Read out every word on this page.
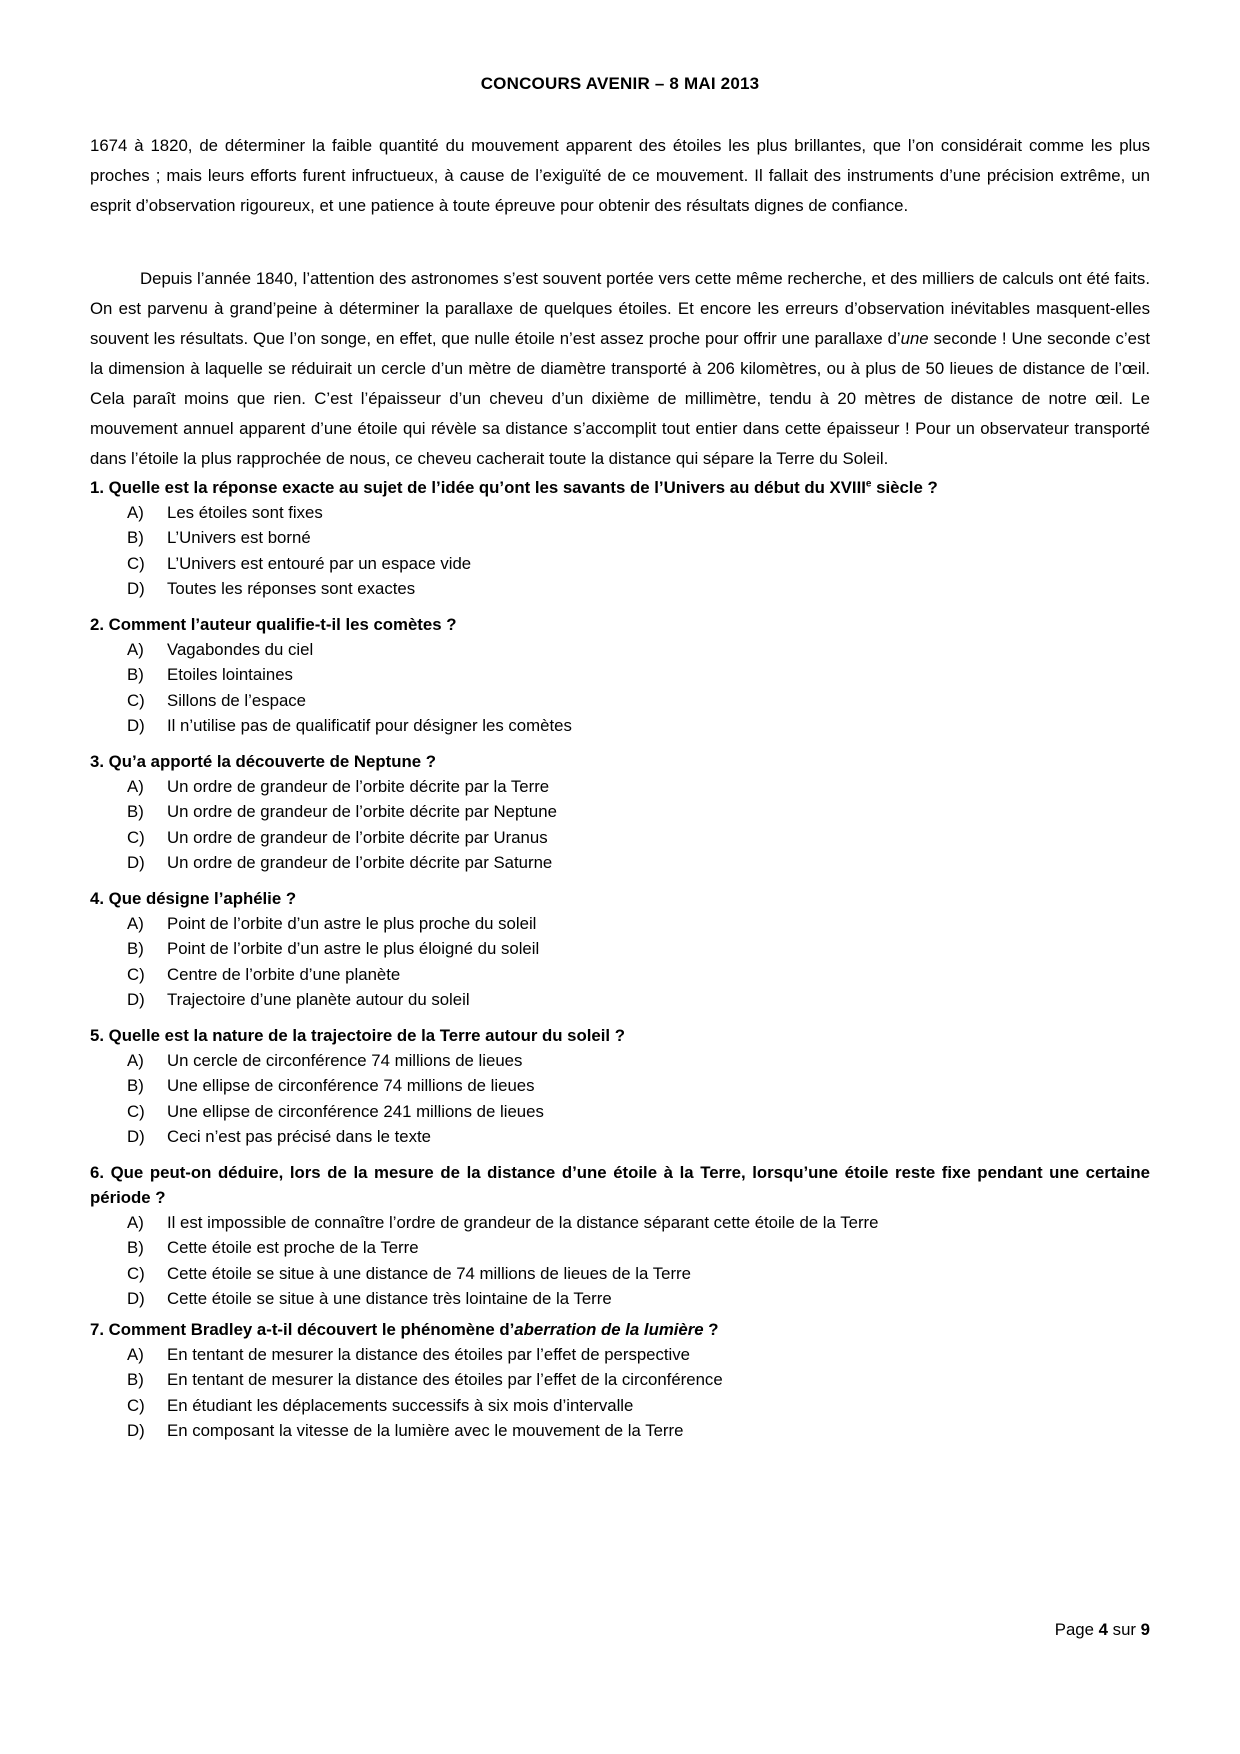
CONCOURS AVENIR – 8 MAI 2013

1674 à 1820, de déterminer la faible quantité du mouvement apparent des étoiles les plus brillantes, que l’on considérait comme les plus proches ; mais leurs efforts furent infructueux, à cause de l’exiguïté de ce mouvement. Il fallait des instruments d’une précision extrême, un esprit d’observation rigoureux, et une patience à toute épreuve pour obtenir des résultats dignes de confiance.

Depuis l’année 1840, l’attention des astronomes s’est souvent portée vers cette même recherche, et des milliers de calculs ont été faits. On est parvenu à grand’peine à déterminer la parallaxe de quelques étoiles. Et encore les erreurs d’observation inévitables masquent-elles souvent les résultats. Que l’on songe, en effet, que nulle étoile n’est assez proche pour offrir une parallaxe d’une seconde ! Une seconde c’est la dimension à laquelle se réduirait un cercle d’un mètre de diamètre transporté à 206 kilomètres, ou à plus de 50 lieues de distance de l’œil. Cela paraît moins que rien. C’est l’épaisseur d’un cheveu d’un dixième de millimètre, tendu à 20 mètres de distance de notre œil. Le mouvement annuel apparent d’une étoile qui révèle sa distance s’accomplit tout entier dans cette épaisseur ! Pour un observateur transporté dans l’étoile la plus rapprochée de nous, ce cheveu cacherait toute la distance qui sépare la Terre du Soleil.

1. Quelle est la réponse exacte au sujet de l’idée qu’ont les savants de l’Univers au début du XVIIIe siècle ?

A)	Les étoiles sont fixes
B)	L’Univers est borné
C)	L’Univers est entouré par un espace vide
D)	Toutes les réponses sont exactes

2. Comment l’auteur qualifie-t-il les comètes ?

A)	Vagabondes du ciel
B)	Etoiles lointaines
C)	Sillons de l’espace
D)	Il n’utilise pas de qualificatif pour désigner les comètes

3. Qu’a apporté la découverte de Neptune ?

A)	Un ordre de grandeur de l’orbite décrite par la Terre
B)	Un ordre de grandeur de l’orbite décrite par Neptune
C)	Un ordre de grandeur de l’orbite décrite par Uranus
D)	Un ordre de grandeur de l’orbite décrite par Saturne

4. Que désigne l’aphélie ?

A)	Point de l’orbite d’un astre le plus proche du soleil
B)	Point de l’orbite d’un astre le plus éloigné du soleil
C)	Centre de l’orbite d’une planète
D)	Trajectoire d’une planète autour du soleil

5. Quelle est la nature de la trajectoire de la Terre autour du soleil ?

A)	Un cercle de circonférence 74 millions de lieues
B)	Une ellipse de circonférence 74 millions de lieues
C)	Une ellipse de circonférence 241 millions de lieues
D)	Ceci n’est pas précisé dans le texte

6. Que peut-on déduire, lors de la mesure de la distance d’une étoile à la Terre, lorsqu’une étoile reste fixe pendant une certaine période ?

A)	Il est impossible de connaître l’ordre de grandeur de la distance séparant cette étoile de la Terre
B)	Cette étoile est proche de la Terre
C)	Cette étoile se situe à une distance de 74 millions de lieues de la Terre
D)	Cette étoile se situe à une distance très lointaine de la Terre

7. Comment Bradley a-t-il découvert le phénomène d’aberration de la lumière ?

A)	En tentant de mesurer la distance des étoiles par l’effet de perspective
B)	En tentant de mesurer la distance des étoiles par l’effet de la circonférence
C)	En étudiant les déplacements successifs à six mois d’intervalle
D)	En composant la vitesse de la lumière avec le mouvement de la Terre
Page 4 sur 9
